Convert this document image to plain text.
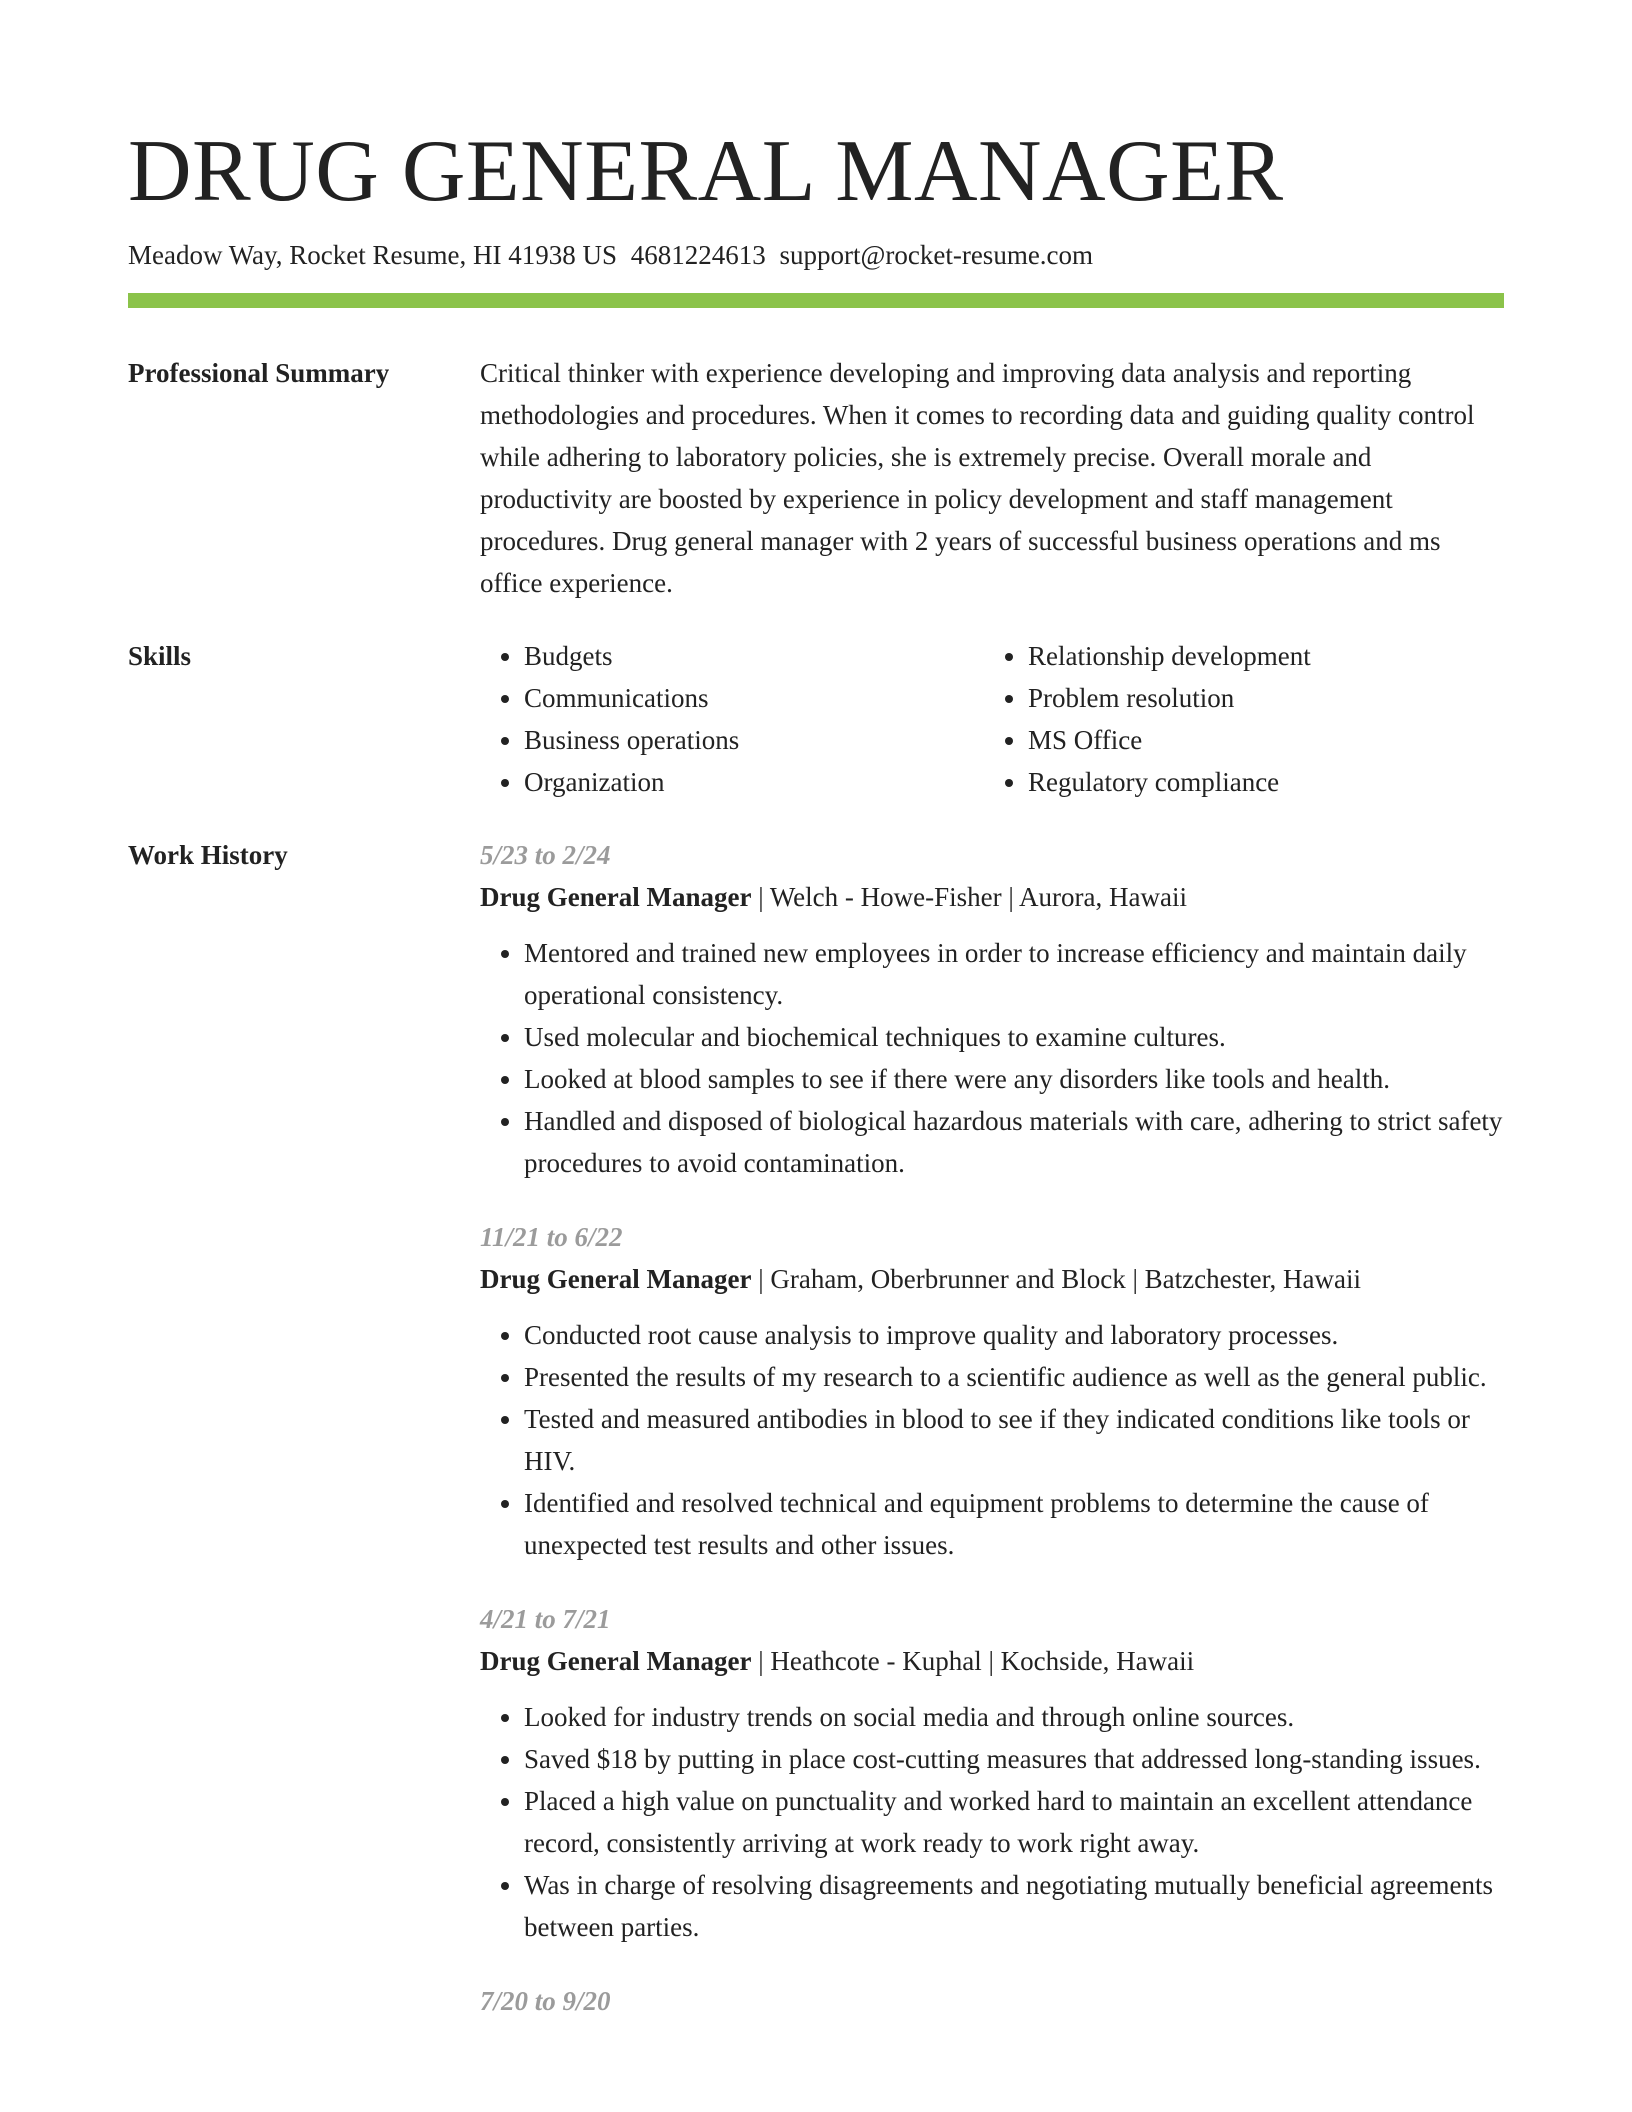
DRUG GENERAL MANAGER
Meadow Way, Rocket Resume, HI 41938 US 4681224613 support@rocket-resume.com
Professional Summary	Critical thinker with experience developing and improving data analysis and reporting methodologies and procedures. When it comes to recording data and guiding quality control while adhering to laboratory policies, she is extremely precise. Overall morale and productivity are boosted by experience in policy development and staff management procedures. Drug general manager with 2 years of successful business operations and ms office experience.

Skills
•	Budgets
• Communications
• Business operations
• Organization
• Relationship development
• Problem resolution
• MS Office
• Regulatory compliance
Work History	5/23 to 2/24
Drug General Manager | Welch - Howe-Fisher | Aurora, Hawaii
• Mentored and trained new employees in order to increase efficiency and maintain daily operational consistency.
• Used molecular and biochemical techniques to examine cultures.
• Looked at blood samples to see if there were any disorders like tools and health.
• Handled and disposed of biological hazardous materials with care, adhering to strict safety procedures to avoid contamination.
11/21 to 6/22
Drug General Manager | Graham, Oberbrunner and Block | Batzchester, Hawaii
• Conducted root cause analysis to improve quality and laboratory processes.
• Presented the results of my research to a scientific audience as well as the general public.
• Tested and measured antibodies in blood to see if they indicated conditions like tools or HIV.
• Identified and resolved technical and equipment problems to determine the cause of unexpected test results and other issues.
4/21 to 7/21
Drug General Manager | Heathcote - Kuphal | Kochside, Hawaii
• Looked for industry trends on social media and through online sources.
• Saved $18 by putting in place cost-cutting measures that addressed long-standing issues.
• Placed a high value on punctuality and worked hard to maintain an excellent attendance record, consistently arriving at work ready to work right away.
• Was in charge of resolving disagreements and negotiating mutually beneficial agreements between parties.
7/20 to 9/20
